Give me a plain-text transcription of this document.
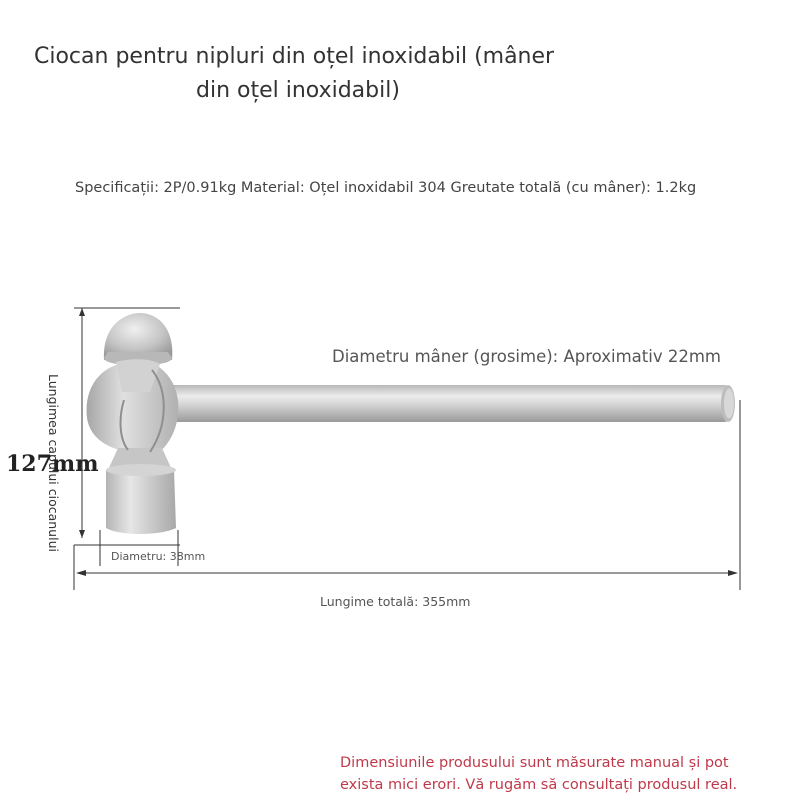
Ciocan pentru nipluri din oțel inoxidabil (mâner
din oțel inoxidabil)
Specificații: 2P/0.91kg Material: Oțel inoxidabil 304 Greutate totală (cu mâner): 1.2kg
Diametru mâner (grosime): Aproximativ 22mm
Lungimea capului ciocanului
127mm
Diametru: 38mm
Lungime totală: 355mm
Dimensiunile produsului sunt măsurate manual și pot
exista mici erori. Vă rugăm să consultați produsul real.
